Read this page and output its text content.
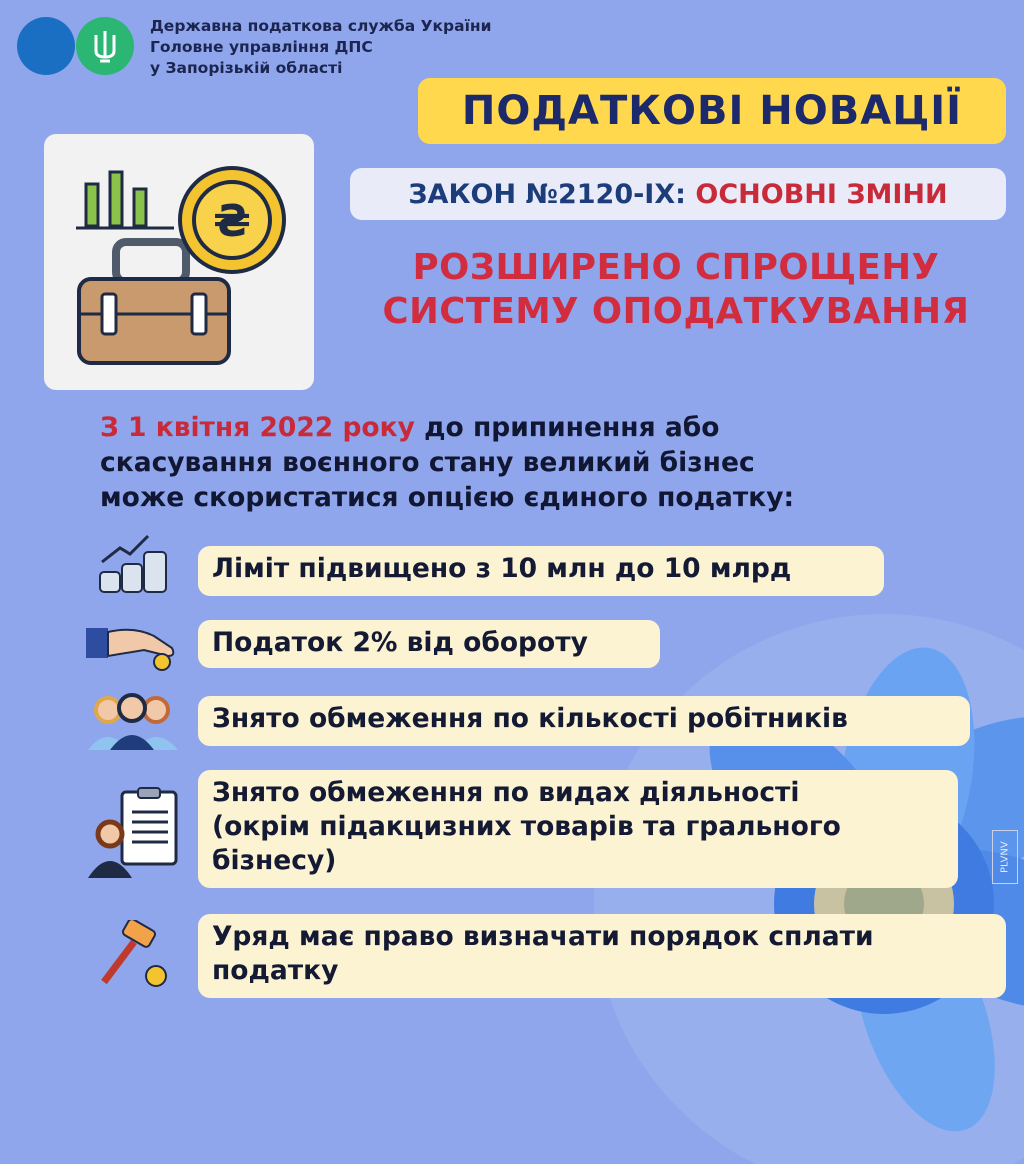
Державна податкова служба України
Головне управління ДПС
у Запорізькій області
ПОДАТКОВІ НОВАЦІЇ
₴
ЗАКОН №2120-IX:
ОСНОВНІ ЗМІНИ
РОЗШИРЕНО СПРОЩЕНУ
СИСТЕМУ ОПОДАТКУВАННЯ
З 1 квітня 2022 року до припинення або
скасування воєнного стану великий бізнес
може скористатися опцією єдиного податку:
Ліміт підвищено з 10 млн до 10 млрд
Податок 2% від обороту
Знято обмеження по кількості робітників
Знято обмеження по видах діяльності
(окрім підакцизних товарів та грального
бізнесу)
Уряд має право визначати порядок сплати
податку
PLVNV
